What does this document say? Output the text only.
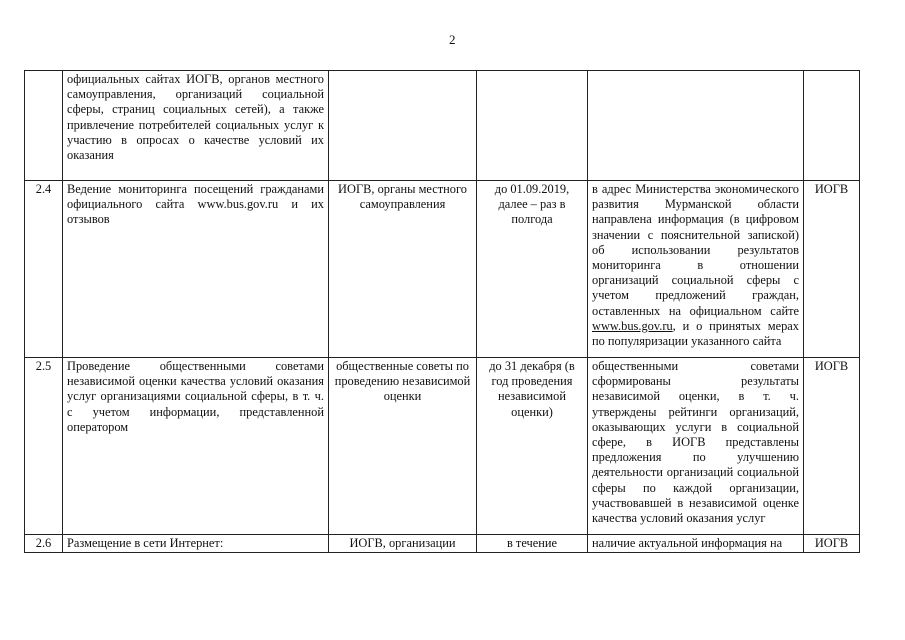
2
	официальных сайтах ИОГВ, органов местного самоуправления, организаций социальной сферы, страниц социальных сетей), а также привлечение потребителей социальных услуг к участию в опросах о качестве условий их оказания				
2.4	Ведение мониторинга посещений гражданами официального сайта www.bus.gov.ru и их отзывов	ИОГВ, органы местного самоуправления	до 01.09.2019, далее – раз в полгода	в адрес Министерства экономического развития Мурманской области направлена информация (в цифровом значении с пояснительной запиской) об использовании результатов мониторинга в отношении организаций социальной сферы с учетом предложений граждан, оставленных на официальном сайте www.bus.gov.ru, и о принятых мерах по популяризации указанного сайта	ИОГВ
2.5	Проведение общественными советами независимой оценки качества условий оказания услуг организациями социальной сферы, в т. ч. с учетом информации, представленной оператором	общественные советы по проведению независимой оценки	до 31 декабря (в год проведения независимой оценки)	общественными советами сформированы результаты независимой оценки, в т. ч. утверждены рейтинги организаций, оказывающих услуги в социальной сфере, в ИОГВ представлены предложения по улучшению деятельности организаций социальной сферы по каждой организации, участвовавшей в независимой оценке качества условий оказания услуг	ИОГВ
2.6	Размещение в сети Интернет:	ИОГВ, организации	в течение	наличие актуальной информация на	ИОГВ
